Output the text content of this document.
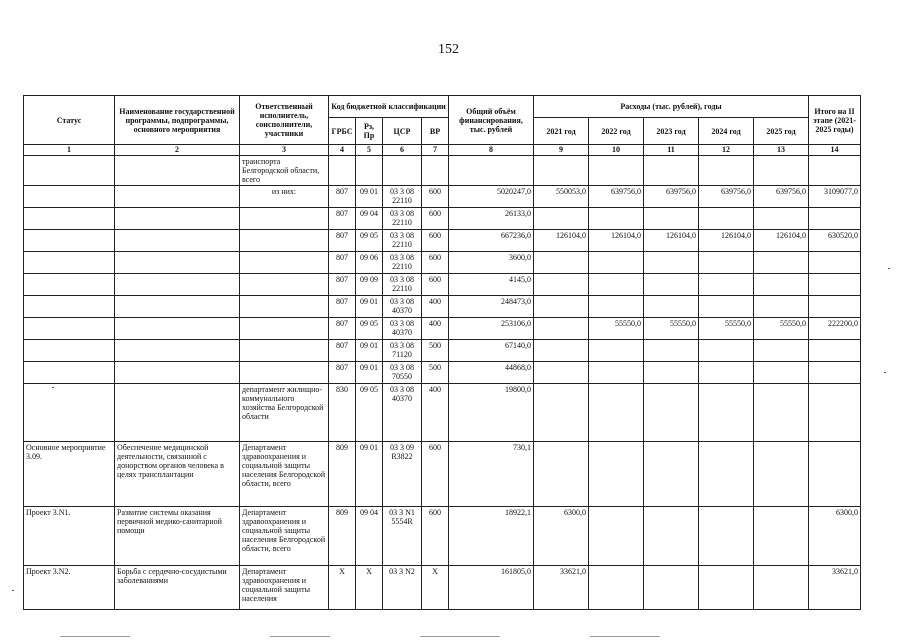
152
Статус	Наименование государственной программы, подпрограммы, основного мероприятия	Ответственный исполнитель, соисполнители, участники	Код бюджетной классификации				Общий объём финансирования, тыс. рублей	Расходы (тыс. рублей), годы					Итого на II этапе (2021-2025 годы)
			ГРБС	Рз, Пр	ЦСР	ВР		2021 год	2022 год	2023 год	2024 год	2025 год	
1	2	3	4	5	6	7	8	9	10	11	12	13	14
		транспорта Белгородской области, всего											
		из них:	807	09 01	03 3 08 22110	600	5020247,0	550053,0	639756,0	639756,0	639756,0	639756,0	3109077,0
			807	09 04	03 3 08 22110	600	26133,0						
			807	09 05	03 3 08 22110	600	667236,0	126104,0	126104,0	126104,0	126104,0	126104,0	630520,0
			807	09 06	03 3 08 22110	600	3600,0						
			807	09 09	03 3 08 22110	600	4145,0						
			807	09 01	03 3 08 40370	400	248473,0						
			807	09 05	03 3 08 40370	400	253106,0		55550,0	55550,0	55550,0	55550,0	222200,0
			807	09 01	03 3 08 71120	500	67140,0						
			807	09 01	03 3 08 70550	500	44868,0						
		департамент жилищно-коммунального хозяйства Белгородской области	830	09 05	03 3 08 40370	400	19800,0						
Основное мероприятие 3.09.	Обеспечение медицинской деятельности, связанной с донорством органов человека в целях трансплантации	Департамент здравоохранения и социальной защиты населения Белгородской области, всего	809	09 01	03 3 09 R3822	600	730,1						
Проект 3.N1.	Развитие системы оказания первичной медико-санитарной помощи	Департамент здравоохранения и социальной защиты населения Белгородской области, всего	809	09 04	03 3 N1 5554R	600	18922,1	6300,0					6300,0
Проект 3.N2.	Борьба с сердечно-сосудистыми заболеваниями	Департамент здравоохранения и социальной защиты населения	X	X	03 3 N2	X	161805,0	33621,0					33621,0
